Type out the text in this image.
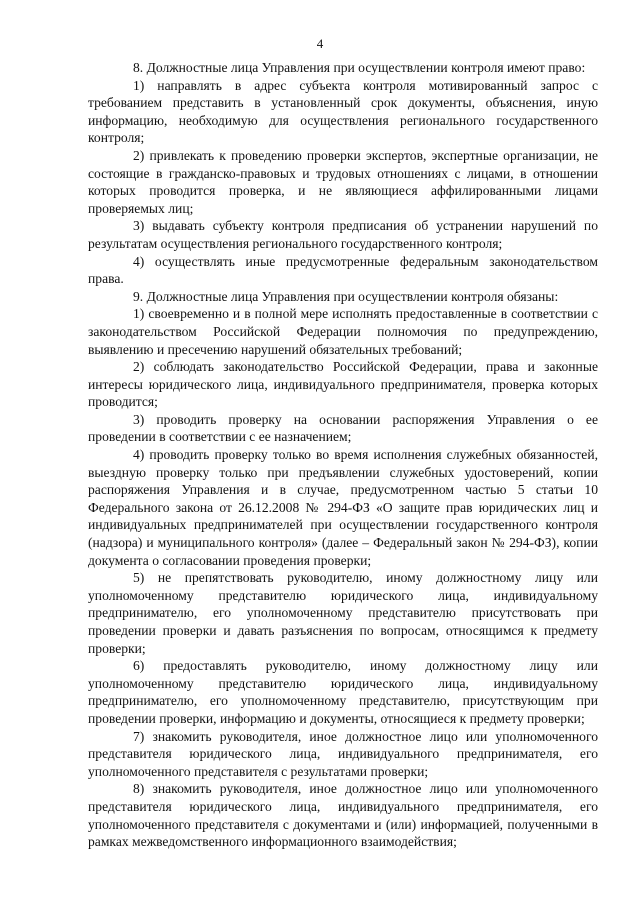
4

8. Должностные лица Управления при осуществлении контроля имеют право:

1) направлять в адрес субъекта контроля мотивированный запрос с требованием представить в установленный срок документы, объяснения, иную информацию, необходимую для осуществления регионального государственного контроля;

2) привлекать к проведению проверки экспертов, экспертные организации, не состоящие в гражданско-правовых и трудовых отношениях с лицами, в отношении которых проводится проверка, и не являющиеся аффилированными лицами проверяемых лиц;

3) выдавать субъекту контроля предписания об устранении нарушений по результатам осуществления регионального государственного контроля;

4) осуществлять иные предусмотренные федеральным законодательством права.

9. Должностные лица Управления при осуществлении контроля обязаны:

1) своевременно и в полной мере исполнять предоставленные в соответствии с законодательством Российской Федерации полномочия по предупреждению, выявлению и пресечению нарушений обязательных требований;

2) соблюдать законодательство Российской Федерации, права и законные интересы юридического лица, индивидуального предпринимателя, проверка которых проводится;

3) проводить проверку на основании распоряжения Управления о ее проведении в соответствии с ее назначением;

4) проводить проверку только во время исполнения служебных обязанностей, выездную проверку только при предъявлении служебных удостоверений, копии распоряжения Управления и в случае, предусмотренном частью 5 статьи 10 Федерального закона от 26.12.2008 № 294-ФЗ «О защите прав юридических лиц и индивидуальных предпринимателей при осуществлении государственного контроля (надзора) и муниципального контроля» (далее – Федеральный закон № 294-ФЗ), копии документа о согласовании проведения проверки;

5) не препятствовать руководителю, иному должностному лицу или уполномоченному представителю юридического лица, индивидуальному предпринимателю, его уполномоченному представителю присутствовать при проведении проверки и давать разъяснения по вопросам, относящимся к предмету проверки;

6) предоставлять руководителю, иному должностному лицу или уполномоченному представителю юридического лица, индивидуальному предпринимателю, его уполномоченному представителю, присутствующим при проведении проверки, информацию и документы, относящиеся к предмету проверки;

7) знакомить руководителя, иное должностное лицо или уполномоченного представителя юридического лица, индивидуального предпринимателя, его уполномоченного представителя с результатами проверки;

8) знакомить руководителя, иное должностное лицо или уполномоченного представителя юридического лица, индивидуального предпринимателя, его уполномоченного представителя с документами и (или) информацией, полученными в рамках межведомственного информационного взаимодействия;
